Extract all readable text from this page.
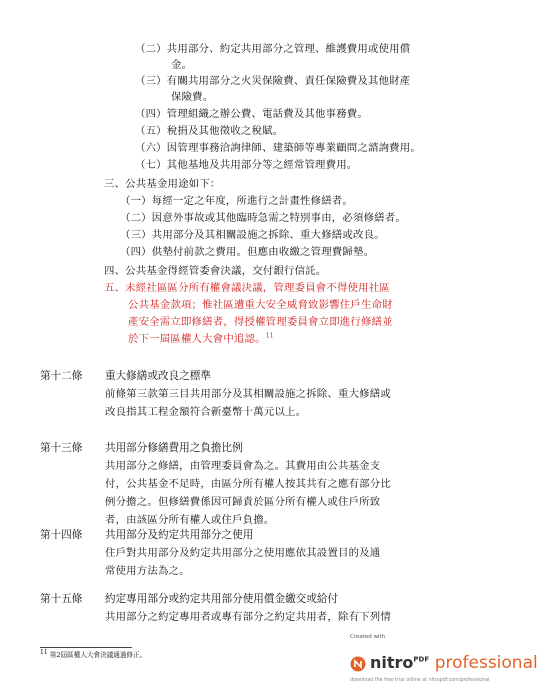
（二）共用部分、約定共用部分之管理、維護費用或使用償
金。
（三）有關共用部分之火災保險費、責任保險費及其他財產
保險費。
（四）管理組織之辦公費、電話費及其他事務費。
（五）稅捐及其他徵收之稅賦。
（六）因管理事務洽詢律師、建築師等專業顧問之諮詢費用。
（七）其他基地及共用部分等之經常管理費用。
三、公共基金用途如下：
（一）每經一定之年度，所進行之計畫性修繕者。
（二）因意外事故或其他臨時急需之特別事由，必須修繕者。
（三）共用部分及其相關設施之拆除、重大修繕或改良。
（四）供墊付前款之費用。但應由收繳之管理費歸墊。
四、公共基金得經管委會決議，交付銀行信託。
五、未經社區區分所有權會議決議，管理委員會不得使用社區
公共基金款項；惟社區遭重大安全威脅致影響住戶生命財
產安全需立即修繕者，得授權管理委員會立即進行修繕並
於下一屆區權人大會中追認。$^{11}$
第十二條 重大修繕或改良之標準
前條第三款第三目共用部分及其相關設施之拆除、重大修繕或
改良指其工程金額符合新臺幣十萬元以上。
第十三條 共用部分修繕費用之負擔比例
共用部分之修繕，由管理委員會為之。其費用由公共基金支
付，公共基金不足時，由區分所有權人按其共有之應有部分比
例分擔之。但修繕費係因可歸責於區分所有權人或住戶所致
者，由該區分所有權人或住戶負擔。
第十四條 共用部分及約定共用部分之使用
住戶對共用部分及約定共用部分之使用應依其設置目的及通
常使用方法為之。
第十五條 約定專用部分或約定共用部分使用償金繳交或給付
共用部分之約定專用者或專有部分之約定共用者，除有下列情
11 第2屆區權人大會決議通過修正。
Created with
nitro$^{PDF}$ professional
download the free trial online at nitropdf.com/professional
